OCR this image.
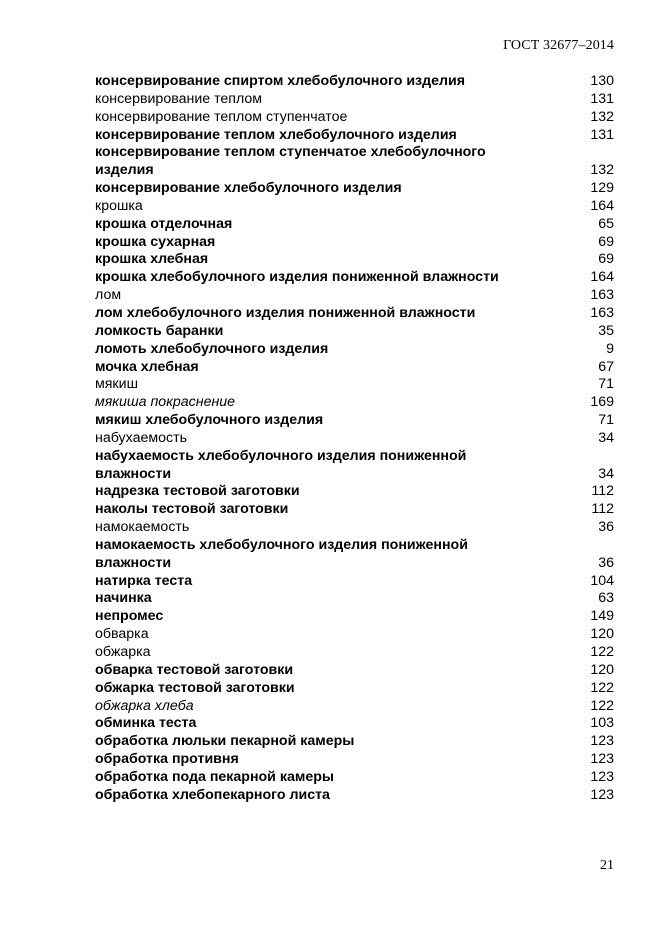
ГОСТ 32677–2014
консервирование спиртом хлебобулочного изделия	130
консервирование теплом	131
консервирование теплом ступенчатое	132
консервирование теплом хлебобулочного изделия	131
консервирование теплом ступенчатое хлебобулочного
изделия	132
консервирование хлебобулочного изделия	129
крошка	164
крошка отделочная	65
крошка сухарная	69
крошка хлебная	69
крошка хлебобулочного изделия пониженной влажности	164
лом	163
лом хлебобулочного изделия пониженной влажности	163
ломкость баранки	35
ломоть хлебобулочного изделия	9
мочка хлебная	67
мякиш	71
мякиша покраснение	169
мякиш хлебобулочного изделия	71
набухаемость	34
набухаемость хлебобулочного изделия пониженной
влажности	34
надрезка тестовой заготовки	112
наколы тестовой заготовки	112
намокаемость	36
намокаемость хлебобулочного изделия пониженной
влажности	36
натирка теста	104
начинка	63
непромес	149
обварка	120
обжарка	122
обварка тестовой заготовки	120
обжарка тестовой заготовки	122
обжарка хлеба	122
обминка теста	103
обработка люльки пекарной камеры	123
обработка противня	123
обработка пода пекарной камеры	123
обработка хлебопекарного листа	123
21
